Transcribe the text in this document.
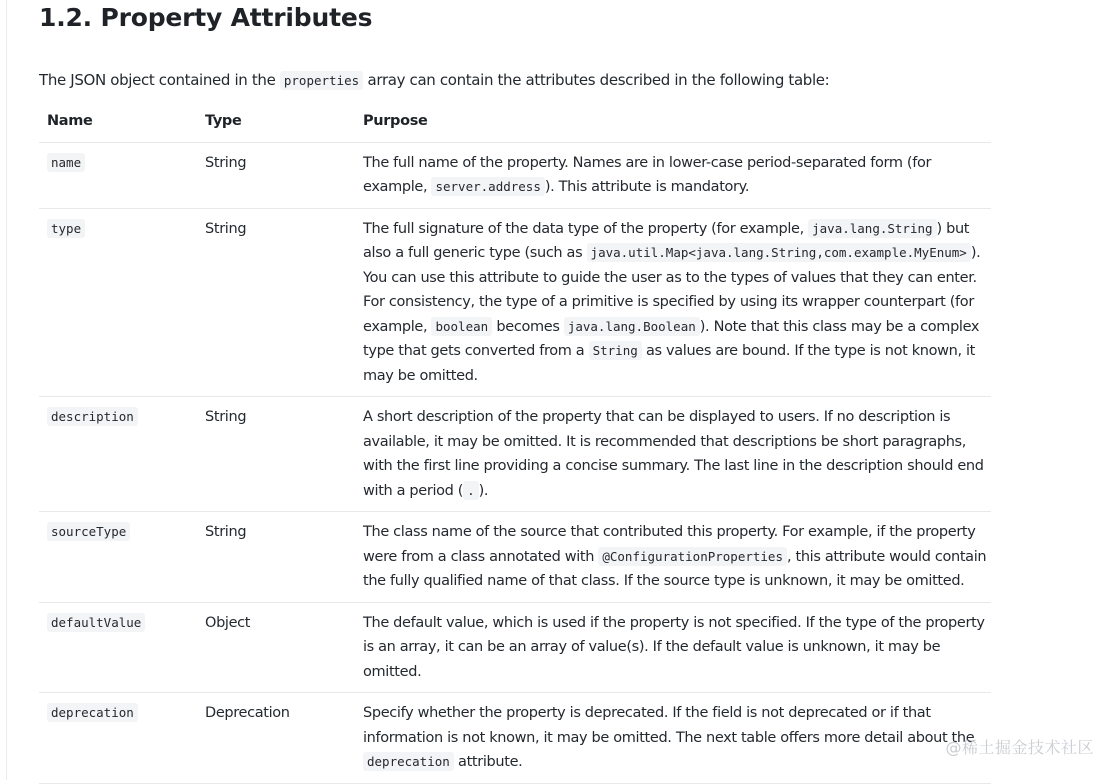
1.2. Property Attributes

The JSON object contained in the properties array can contain the attributes described in the following table:

Name	Type	Purpose
name	String	The full name of the property. Names are in lower-case period-separated form (for example, server.address ). This attribute is mandatory.
type	String	The full signature of the data type of the property (for example, java.lang.String ) but also a full generic type (such as java.util.Map<java.lang.String,com.example.MyEnum> ). You can use this attribute to guide the user as to the types of values that they can enter. For consistency, the type of a primitive is specified by using its wrapper counterpart (for example, boolean becomes java.lang.Boolean ). Note that this class may be a complex type that gets converted from a String as values are bound. If the type is not known, it may be omitted.
description	String	A short description of the property that can be displayed to users. If no description is available, it may be omitted. It is recommended that descriptions be short paragraphs, with the first line providing a concise summary. The last line in the description should end with a period ( . ).
sourceType	String	The class name of the source that contributed this property. For example, if the property were from a class annotated with @ConfigurationProperties , this attribute would contain the fully qualified name of that class. If the source type is unknown, it may be omitted.
defaultValue	Object	The default value, which is used if the property is not specified. If the type of the property is an array, it can be an array of value(s). If the default value is unknown, it may be omitted.
deprecation	Deprecation	Specify whether the property is deprecated. If the field is not deprecated or if that information is not known, it may be omitted. The next table offers more detail about the deprecation attribute.
@稀土掘金技术社区
